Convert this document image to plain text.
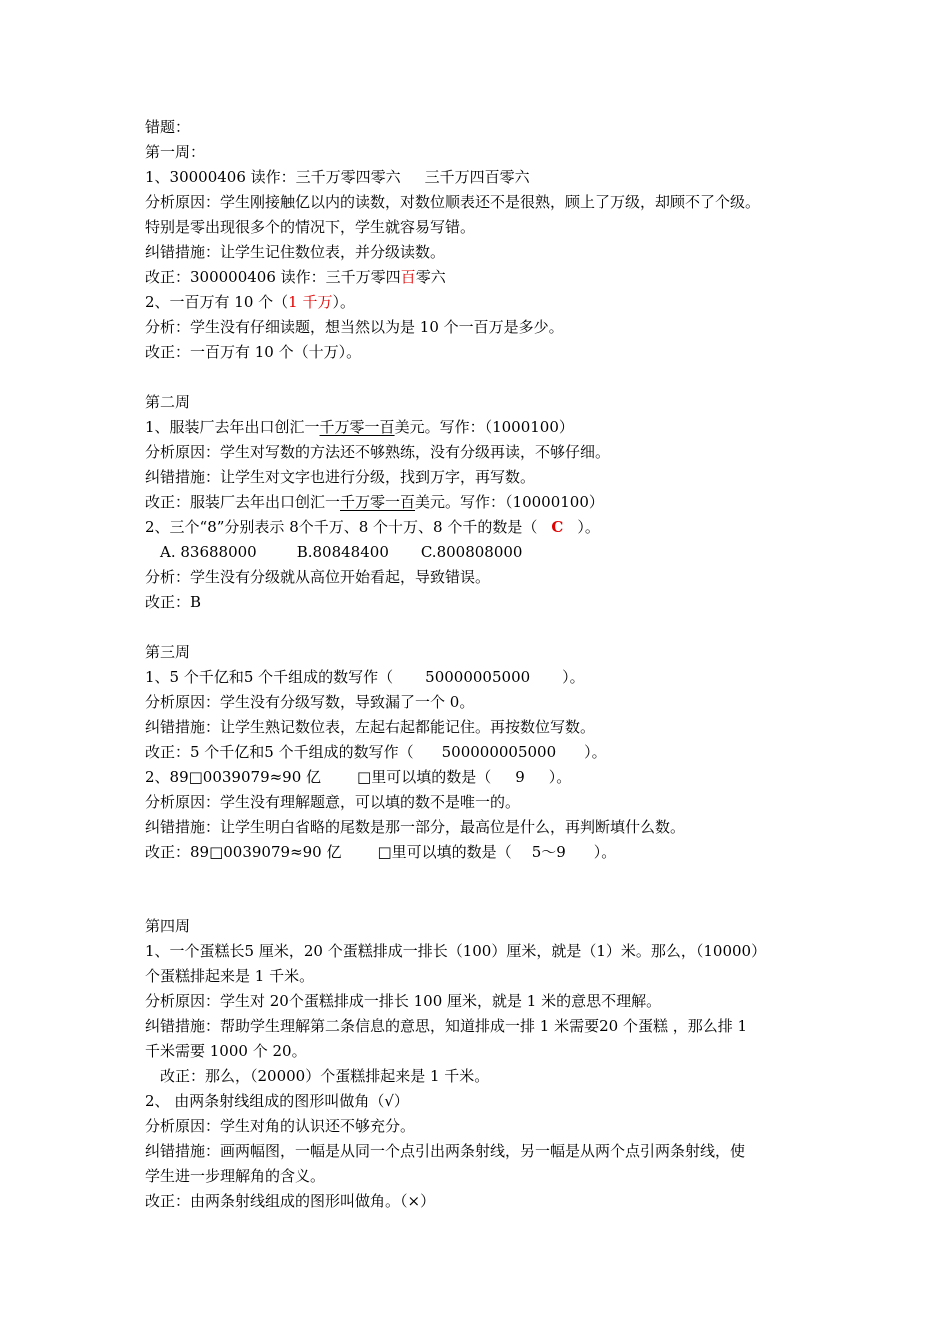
错题：
第一周：
1、30000406 读作：三千万零四零六 三千万四百零六
分析原因：学生刚接触亿以内的读数，对数位顺表还不是很熟，顾上了万级，却顾不了个级。
特别是零出现很多个的情况下，学生就容易写错。
纠错措施：让学生记住数位表，并分级读数。
改正：300000406 读作：三千万零四百零六
2、一百万有 10 个（1 千万）。
分析：学生没有仔细读题，想当然以为是 10 个一百万是多少。
改正：一百万有 10 个（十万）。
第二周
1、服装厂去年出口创汇一千万零一百美元。写作：（1000100）
分析原因：学生对写数的方法还不够熟练，没有分级再读，不够仔细。
纠错措施：让学生对文字也进行分级，找到万字，再写数。
改正：服装厂去年出口创汇一千万零一百美元。写作：（10000100）
2、三个“8”分别表示 8个千万、8 个十万、8 个千的数是（ C ）。
A. 83688000	B.80848400 C.800808000
分析：学生没有分级就从高位开始看起，导致错误。
改正：B
第三周
1、5 个千亿和5 个千组成的数写作（ 50000005000 ）。
分析原因：学生没有分级写数，导致漏了一个 0。
纠错措施：让学生熟记数位表，左起右起都能记住。再按数位写数。
改正：5 个千亿和5 个千组成的数写作（ 500000005000 ）。
2、89□0039079≈90 亿 □里可以填的数是（ 9 ）。
分析原因：学生没有理解题意，可以填的数不是唯一的。
纠错措施：让学生明白省略的尾数是那一部分，最高位是什么，再判断填什么数。
改正：89□0039079≈90 亿 □里可以填的数是（ 5～9 ）。
第四周
1、一个蛋糕长5 厘米，20 个蛋糕排成一排长（100）厘米，就是（1）米。那么，（10000）
个蛋糕排起来是 1 千米。
分析原因：学生对 20个蛋糕排成一排长 100 厘米，就是 1 米的意思不理解。
纠错措施：帮助学生理解第二条信息的意思，知道排成一排 1 米需要20 个蛋糕 ，那么排 1
千米需要 1000 个 20。
改正：那么，（20000）个蛋糕排起来是 1 千米。
2、 由两条射线组成的图形叫做角（√）
分析原因：学生对角的认识还不够充分。
纠错措施：画两幅图，一幅是从同一个点引出两条射线，另一幅是从两个点引两条射线，使
学生进一步理解角的含义。
改正：由两条射线组成的图形叫做角。（×）
